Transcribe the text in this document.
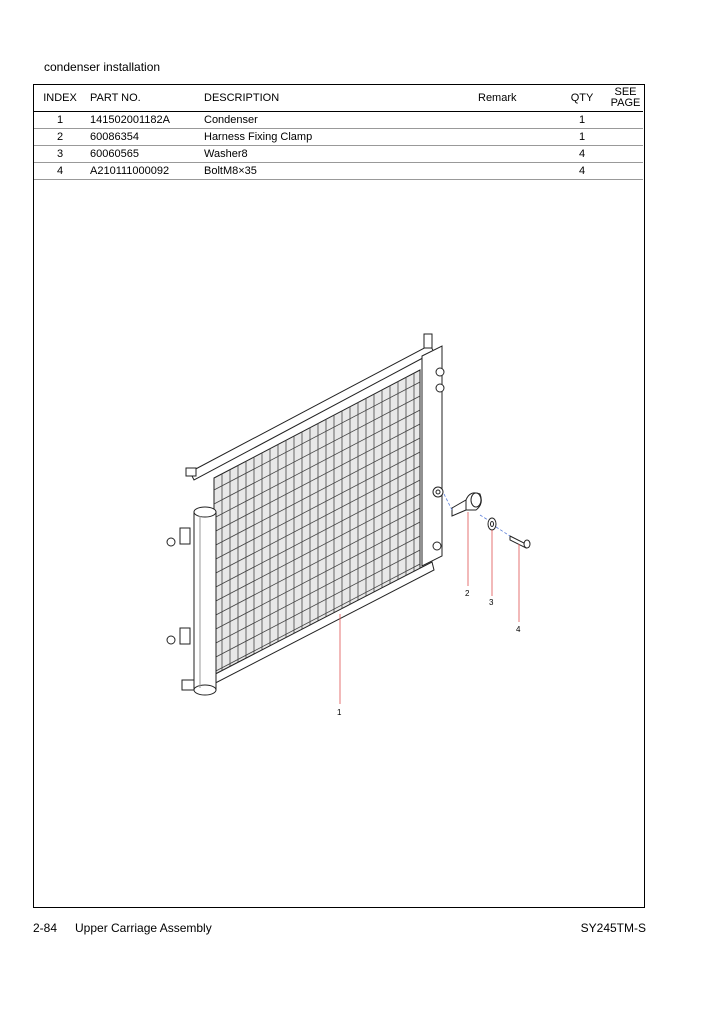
condenser installation
INDEX	PART NO.	DESCRIPTION	Remark	QTY	SEE
PAGE

1	141502001182A	Condenser		1	
2	60086354	Harness Fixing Clamp		1	
3	60060565	Washer8		4	
4	A210111000092	BoltM8×35		4	
1
2
3
4
2-84 Upper Carriage Assembly	SY245TM-S
